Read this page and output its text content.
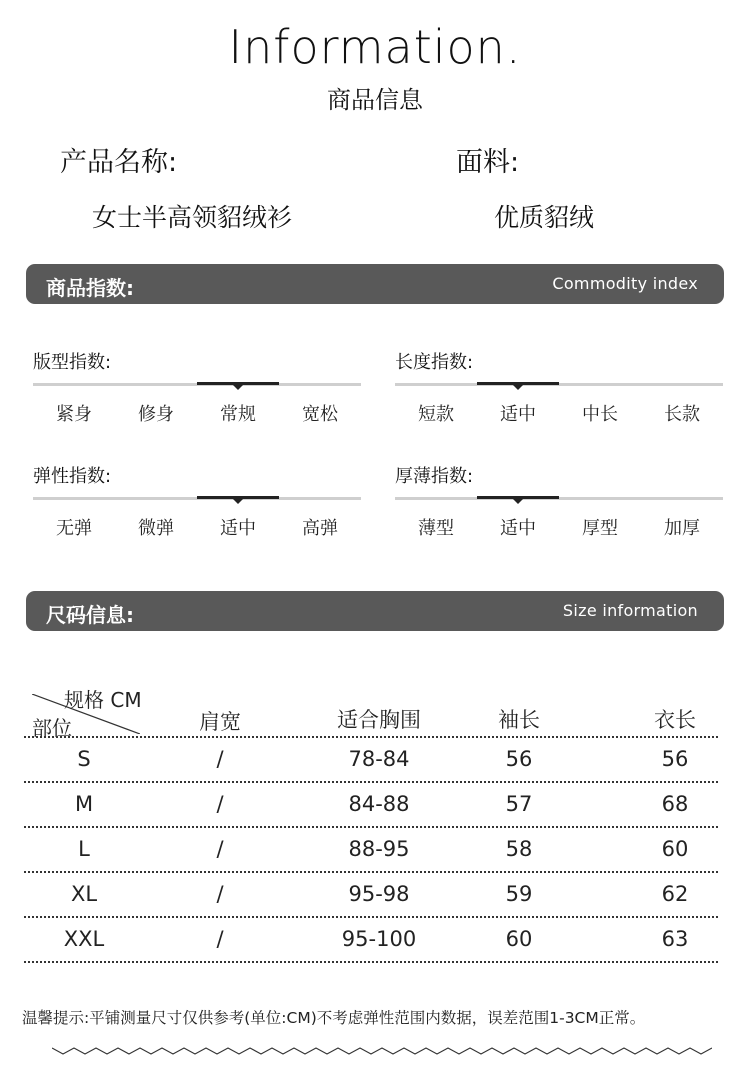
Information.
商品信息
产品名称:
女士半高领貂绒衫
面料:
优质貂绒
商品指数:	Commodity index
版型指数:
紧身	修身	常规	宽松
长度指数:
短款	适中	中长	长款
弹性指数:
无弹	微弹	适中	高弹
厚薄指数:
薄型	适中	厚型	加厚
尺码信息:	Size information
规格 CM
部位	肩宽	适合胸围	袖长	衣长
S	/	78-84	56	56
M	/	84-88	57	68
L	/	88-95	58	60
XL	/	95-98	59	62
XXL	/	95-100	60	63
温馨提示:平铺测量尺寸仅供参考(单位:CM)不考虑弹性范围内数据，误差范围1-3CM正常。
